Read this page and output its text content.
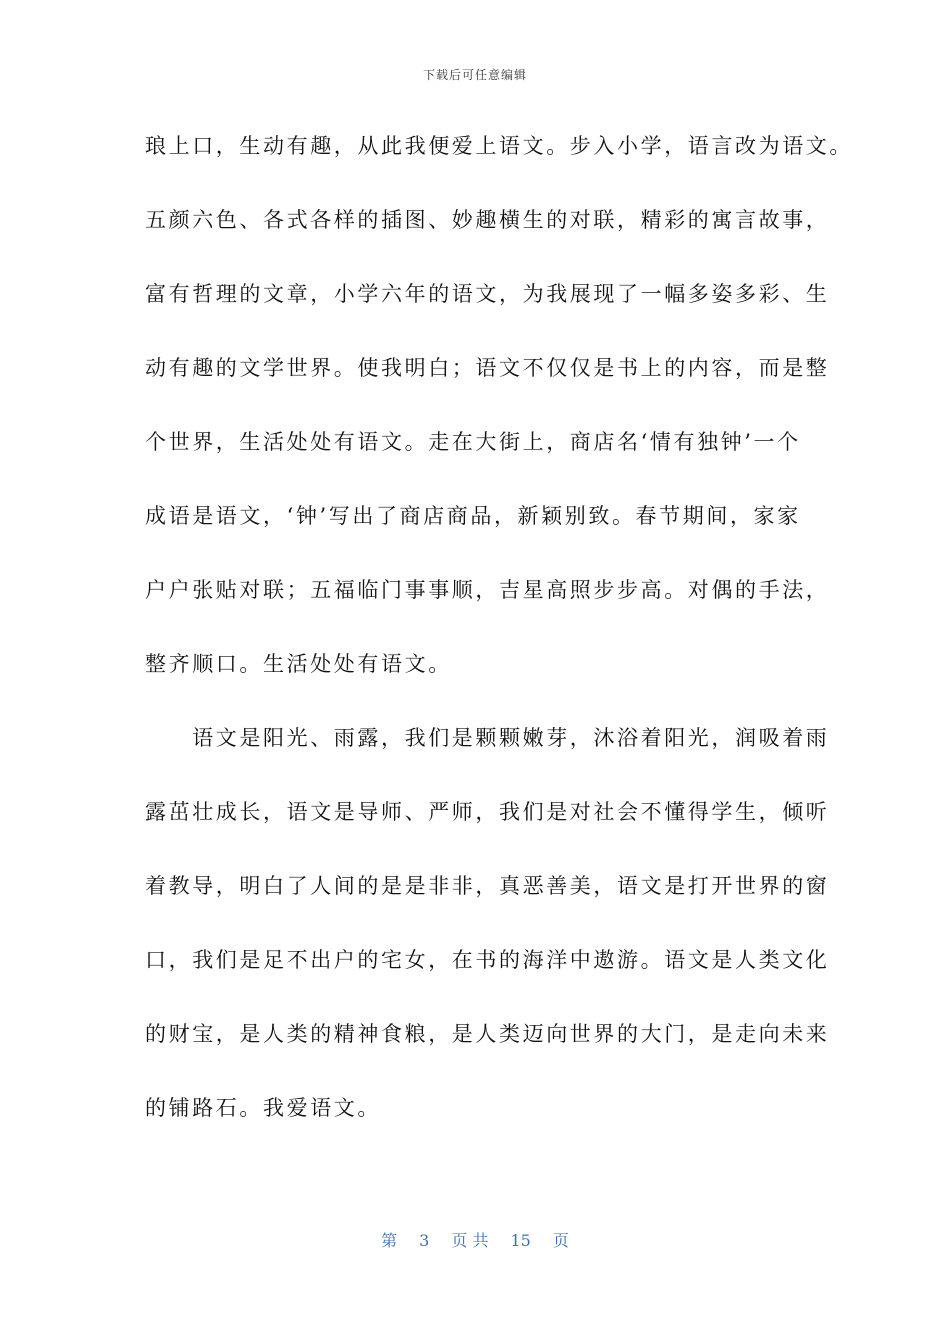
下载后可任意编辑
琅上口，生动有趣，从此我便爱上语文。步入小学，语言改为语文。
五颜六色、各式各样的插图、妙趣横生的对联，精彩的寓言故事，
富有哲理的文章，小学六年的语文，为我展现了一幅多姿多彩、生
动有趣的文学世界。使我明白；语文不仅仅是书上的内容，而是整
个世界，生活处处有语文。走在大街上，商店名‘情有独钟’一个
成语是语文，‘钟’写出了商店商品，新颖别致。春节期间，家家
户户张贴对联；五福临门事事顺，吉星高照步步高。对偶的手法，
整齐顺口。生活处处有语文。
　　语文是阳光、雨露，我们是颗颗嫩芽，沐浴着阳光，润吸着雨
露茁壮成长，语文是导师、严师，我们是对社会不懂得学生，倾听
着教导，明白了人间的是是非非，真恶善美，语文是打开世界的窗
口，我们是足不出户的宅女，在书的海洋中遨游。语文是人类文化
的财宝，是人类的精神食粮，是人类迈向世界的大门，是走向未来
的铺路石。我爱语文。
第 3 页 共 15 页
